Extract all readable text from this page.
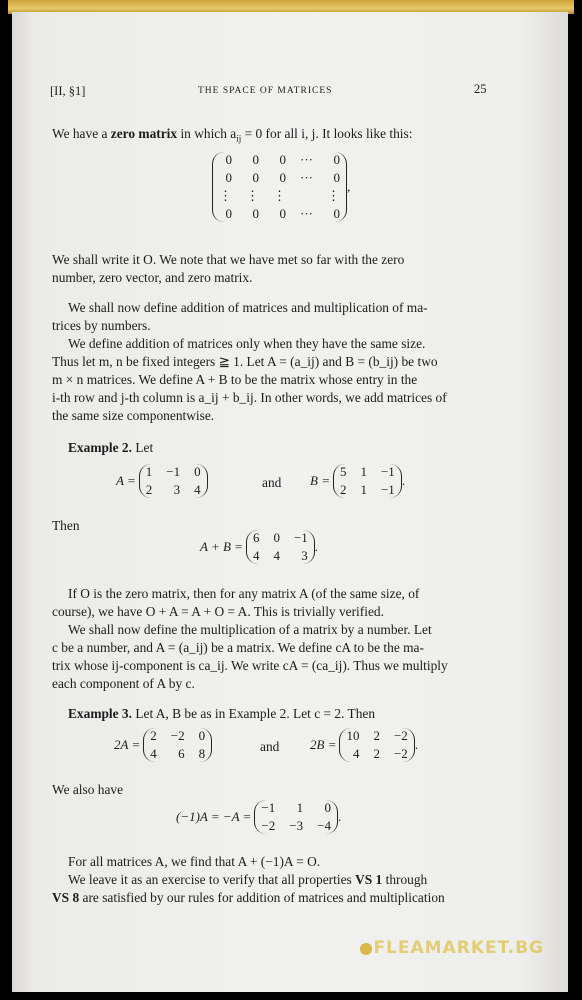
[II, §1]	THE SPACE OF MATRICES	25
We have a zero matrix in which $a_{ij} = 0$ for all i, j. It looks like this:
0	0	0 ···	0
0	0	0 ···	0
⋮ ⋮ ⋮	⋮
0	0	0 ···	0
,
We shall write it O. We note that we have met so far with the zero
number, zero vector, and zero matrix.
We shall now define addition of matrices and multiplication of ma-
trices by numbers.
We define addition of matrices only when they have the same size.
Thus let m, n be fixed integers ≧ 1. Let A = (a_ij) and B = (b_ij) be two
m × n matrices. We define A + B to be the matrix whose entry in the
i-th row and j-th column is a_ij + b_ij. In other words, we add matrices of
the same size componentwise.
Example 2. Let
A =
1 −1 0
2	3 4	and B =
5 1 −1
2 1 −1
.
Then
A + B =
6 0 −1
4 4	3
.
If O is the zero matrix, then for any matrix A (of the same size, of
course), we have O + A = A + O = A. This is trivially verified.
We shall now define the multiplication of a matrix by a number. Let
c be a number, and A = (a_ij) be a matrix. We define cA to be the ma-
trix whose ij-component is ca_ij. We write cA = (ca_ij). Thus we multiply
each component of A by c.
Example 3. Let A, B be as in Example 2. Let c = 2. Then
2A =
2 −2 0
4	6 8	and 2B =
10 2 −2
4 2 −2
.
We also have
(−1)A = −A =
−1	1	0
−2 −3 −4
.
For all matrices A, we find that A + (−1)A = O.
We leave it as an exercise to verify that all properties VS 1 through
VS 8 are satisfied by our rules for addition of matrices and multiplication
FLEAMARKET.BG
